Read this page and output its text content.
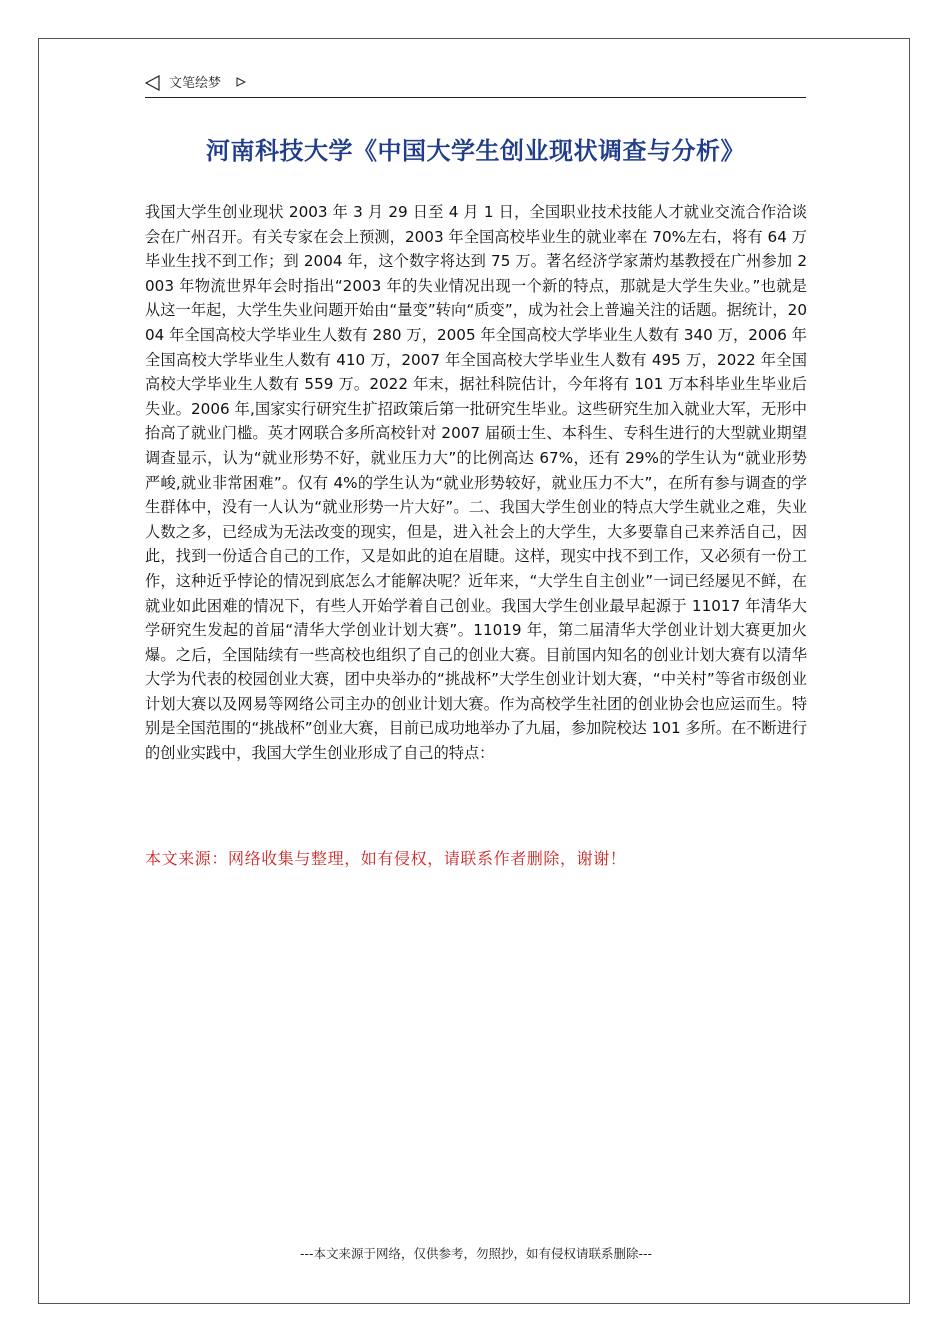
文笔绘梦
河南科技大学《中国大学生创业现状调查与分析》

我国大学生创业现状 2003 年 3 月 29 日至 4 月 1 日，全国职业技术技能人才就业交流合作洽谈会在广州召开。有关专家在会上预测，2003 年全国高校毕业生的就业率在 70%左右，将有 64 万毕业生找不到工作；到 2004 年，这个数字将达到 75 万。著名经济学家萧灼基教授在广州参加 2003 年物流世界年会时指出“2003 年的失业情况出现一个新的特点，那就是大学生失业。”也就是从这一年起，大学生失业问题开始由“量变”转向“质变”，成为社会上普遍关注的话题。据统计，2004 年全国高校大学毕业生人数有 280 万，2005 年全国高校大学毕业生人数有 340 万，2006 年全国高校大学毕业生人数有 410 万，2007 年全国高校大学毕业生人数有 495 万，2022 年全国高校大学毕业生人数有 559 万。2022 年末，据社科院估计，今年将有 101 万本科毕业生毕业后失业。2006 年,国家实行研究生扩招政策后第一批研究生毕业。这些研究生加入就业大军，无形中抬高了就业门槛。英才网联合多所高校针对 2007 届硕士生、本科生、专科生进行的大型就业期望调查显示，认为“就业形势不好，就业压力大”的比例高达 67%，还有 29%的学生认为“就业形势严峻,就业非常困难”。仅有 4%的学生认为“就业形势较好，就业压力不大”，在所有参与调查的学生群体中，没有一人认为“就业形势一片大好”。二、我国大学生创业的特点大学生就业之难，失业人数之多，已经成为无法改变的现实，但是，进入社会上的大学生，大多要靠自己来养活自己，因此，找到一份适合自己的工作，又是如此的迫在眉睫。这样，现实中找不到工作，又必须有一份工作，这种近乎悖论的情况到底怎么才能解决呢？近年来，“大学生自主创业”一词已经屡见不鲜，在就业如此困难的情况下，有些人开始学着自己创业。我国大学生创业最早起源于 11017 年清华大学研究生发起的首届“清华大学创业计划大赛”。11019 年，第二届清华大学创业计划大赛更加火爆。之后，全国陆续有一些高校也组织了自己的创业大赛。目前国内知名的创业计划大赛有以清华大学为代表的校园创业大赛，团中央举办的“挑战杯”大学生创业计划大赛，“中关村”等省市级创业计划大赛以及网易等网络公司主办的创业计划大赛。作为高校学生社团的创业协会也应运而生。特别是全国范围的“挑战杯”创业大赛，目前已成功地举办了九届，参加院校达 101 多所。在不断进行的创业实践中，我国大学生创业形成了自己的特点：

本文来源：网络收集与整理，如有侵权，请联系作者删除，谢谢！

---本文来源于网络，仅供参考，勿照抄，如有侵权请联系删除---
